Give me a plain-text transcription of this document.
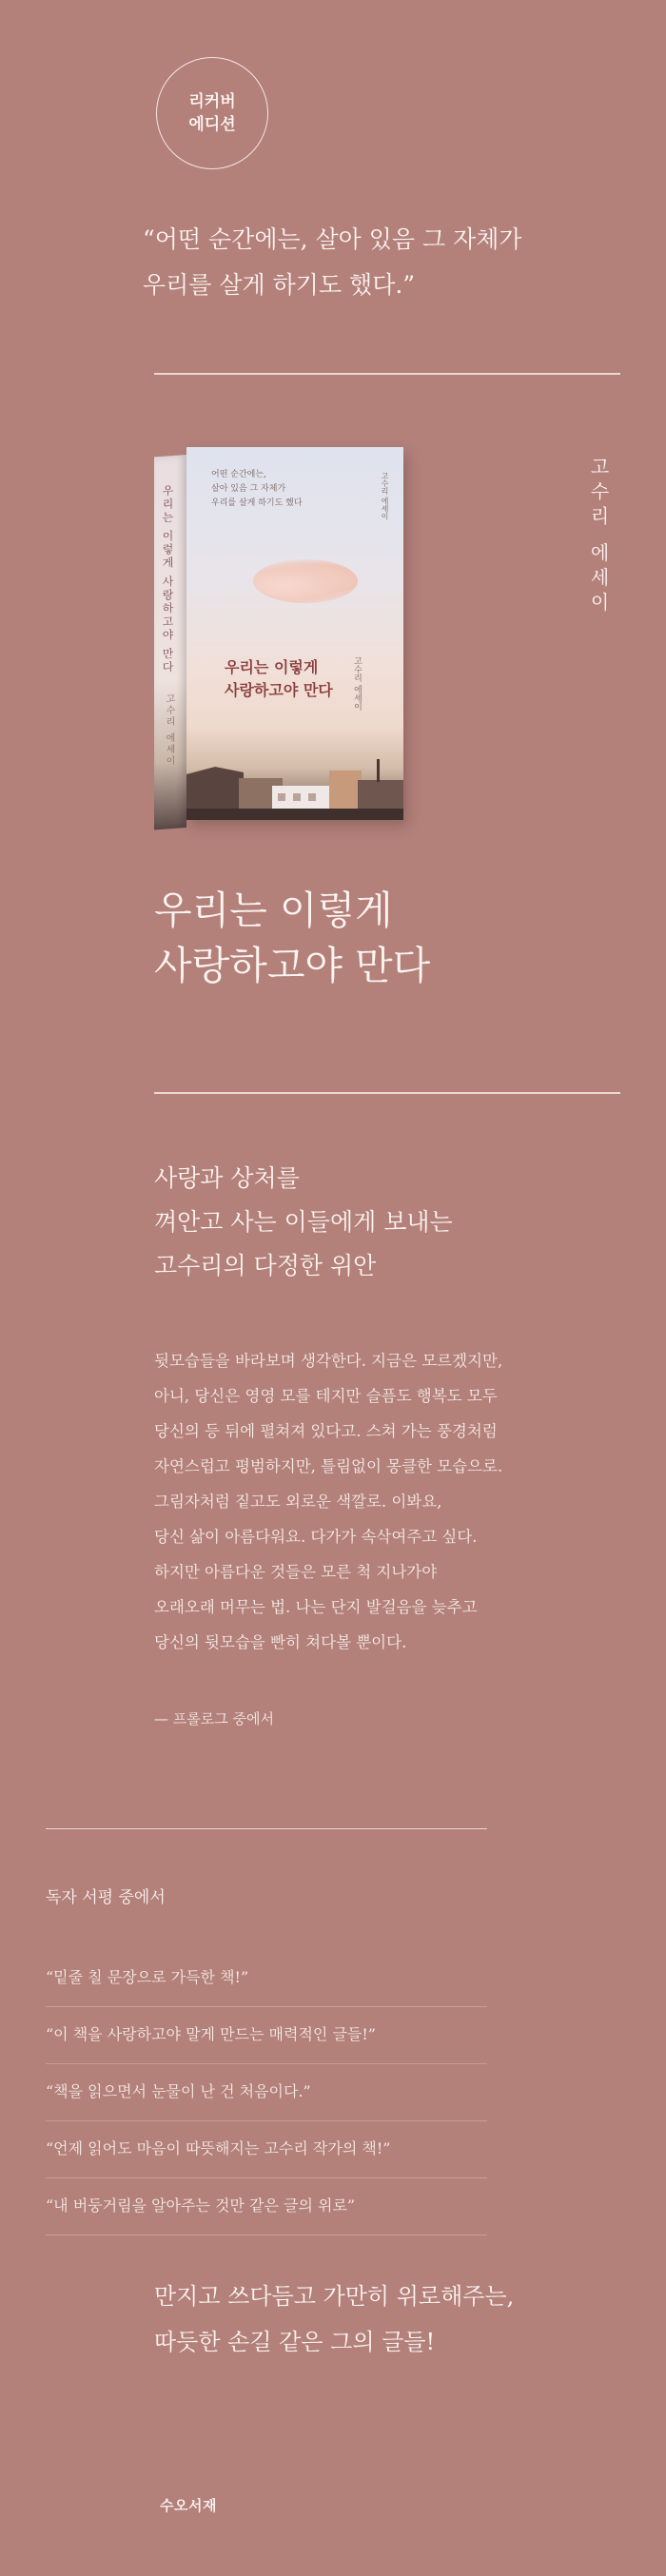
리커버
에디션
“어떤 순간에는, 살아 있음 그 자체가
우리를 살게 하기도 했다.”
고수리 에세이
우리는 이렇게 사랑하고야 만다
고수리 에세이
어떤 순간에는,
살아 있음 그 자체가
우리를 살게 하기도 했다	고수리 에세이
우리는 이렇게
사랑하고야 만다 고수리 에세이
우리는 이렇게
사랑하고야 만다
사랑과 상처를
껴안고 사는 이들에게 보내는
고수리의 다정한 위안
뒷모습들을 바라보며 생각한다. 지금은 모르겠지만,
아니, 당신은 영영 모를 테지만 슬픔도 행복도 모두
당신의 등 뒤에 펼쳐져 있다고. 스쳐 가는 풍경처럼
자연스럽고 평범하지만, 틀림없이 몽클한 모습으로.
그림자처럼 짙고도 외로운 색깔로. 이봐요,
당신 삶이 아름다워요. 다가가 속삭여주고 싶다.
하지만 아름다운 것들은 모른 척 지나가야
오래오래 머무는 법. 나는 단지 발걸음을 늦추고
당신의 뒷모습을 빤히 쳐다볼 뿐이다.
— 프롤로그 중에서
독자 서평 중에서
“밑줄 칠 문장으로 가득한 책!”
“이 책을 사랑하고야 말게 만드는 매력적인 글들!”
“책을 읽으면서 눈물이 난 건 처음이다.”
“언제 읽어도 마음이 따뜻해지는 고수리 작가의 책!”
“내 버둥거림을 알아주는 것만 같은 글의 위로”
만지고 쓰다듬고 가만히 위로해주는,
따듯한 손길 같은 그의 글들!
수오서재
